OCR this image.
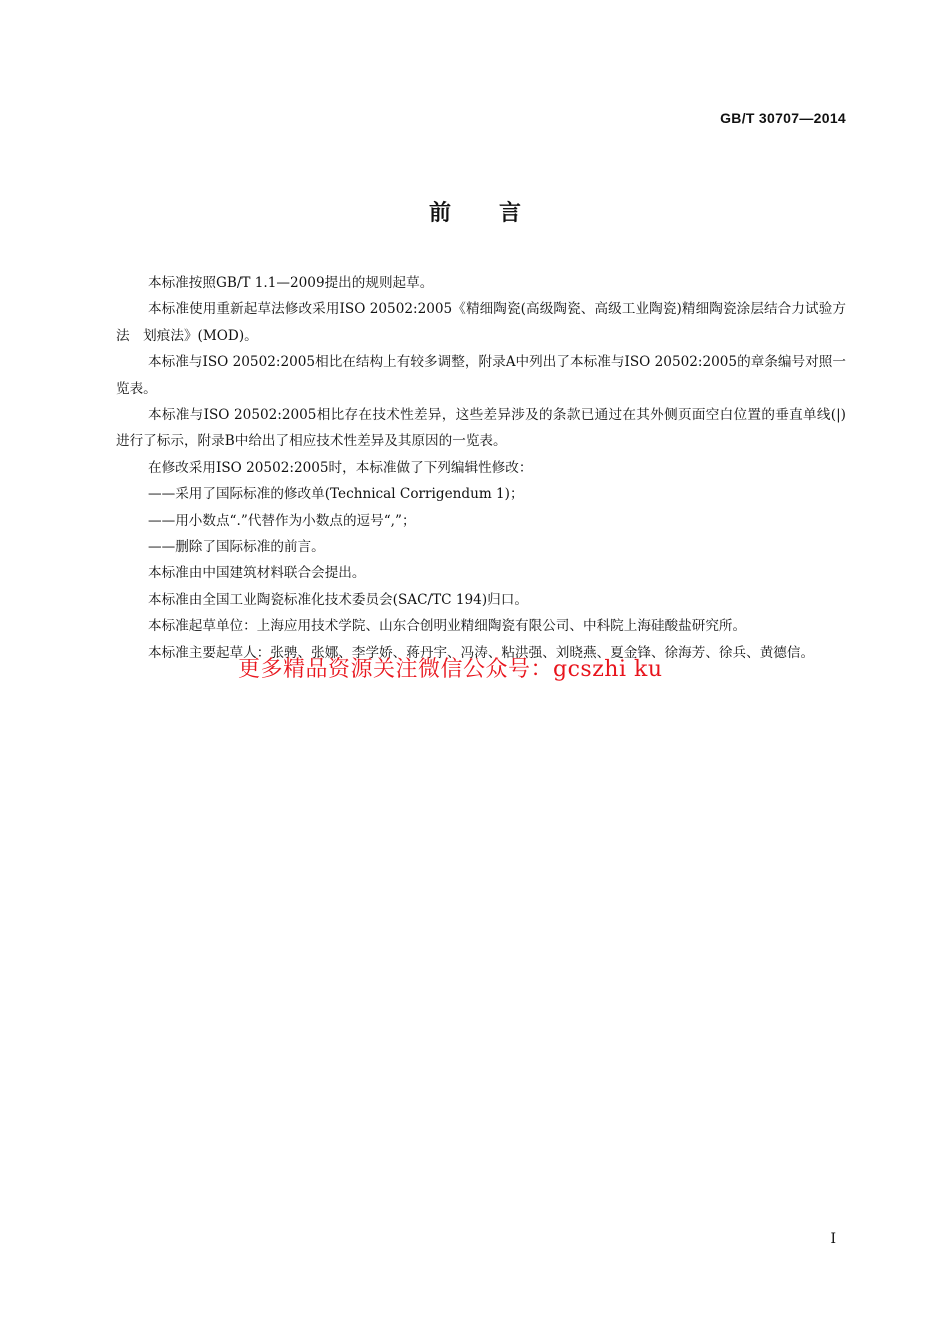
GB/T 30707—2014
前言

本标准按照GB/T 1.1—2009提出的规则起草。

本标准使用重新起草法修改采用ISO 20502:2005《精细陶瓷(高级陶瓷、高级工业陶瓷)精细陶瓷涂层结合力试验方法　划痕法》(MOD)。

本标准与ISO 20502:2005相比在结构上有较多调整，附录A中列出了本标准与ISO 20502:2005的章条编号对照一览表。

本标准与ISO 20502:2005相比存在技术性差异，这些差异涉及的条款已通过在其外侧页面空白位置的垂直单线(|)进行了标示，附录B中给出了相应技术性差异及其原因的一览表。

在修改采用ISO 20502:2005时，本标准做了下列编辑性修改：

——采用了国际标准的修改单(Technical Corrigendum 1)；

——用小数点“.”代替作为小数点的逗号“,”；

——删除了国际标准的前言。

本标准由中国建筑材料联合会提出。

本标准由全国工业陶瓷标准化技术委员会(SAC/TC 194)归口。

本标准起草单位：上海应用技术学院、山东合创明业精细陶瓷有限公司、中科院上海硅酸盐研究所。

本标准主要起草人：张骋、张娜、李学娇、蒋丹宇、冯涛、粘洪强、刘晓燕、夏金锋、徐海芳、徐兵、黄德信。

更多精品资源关注微信公众号：gcszhi ku
I
